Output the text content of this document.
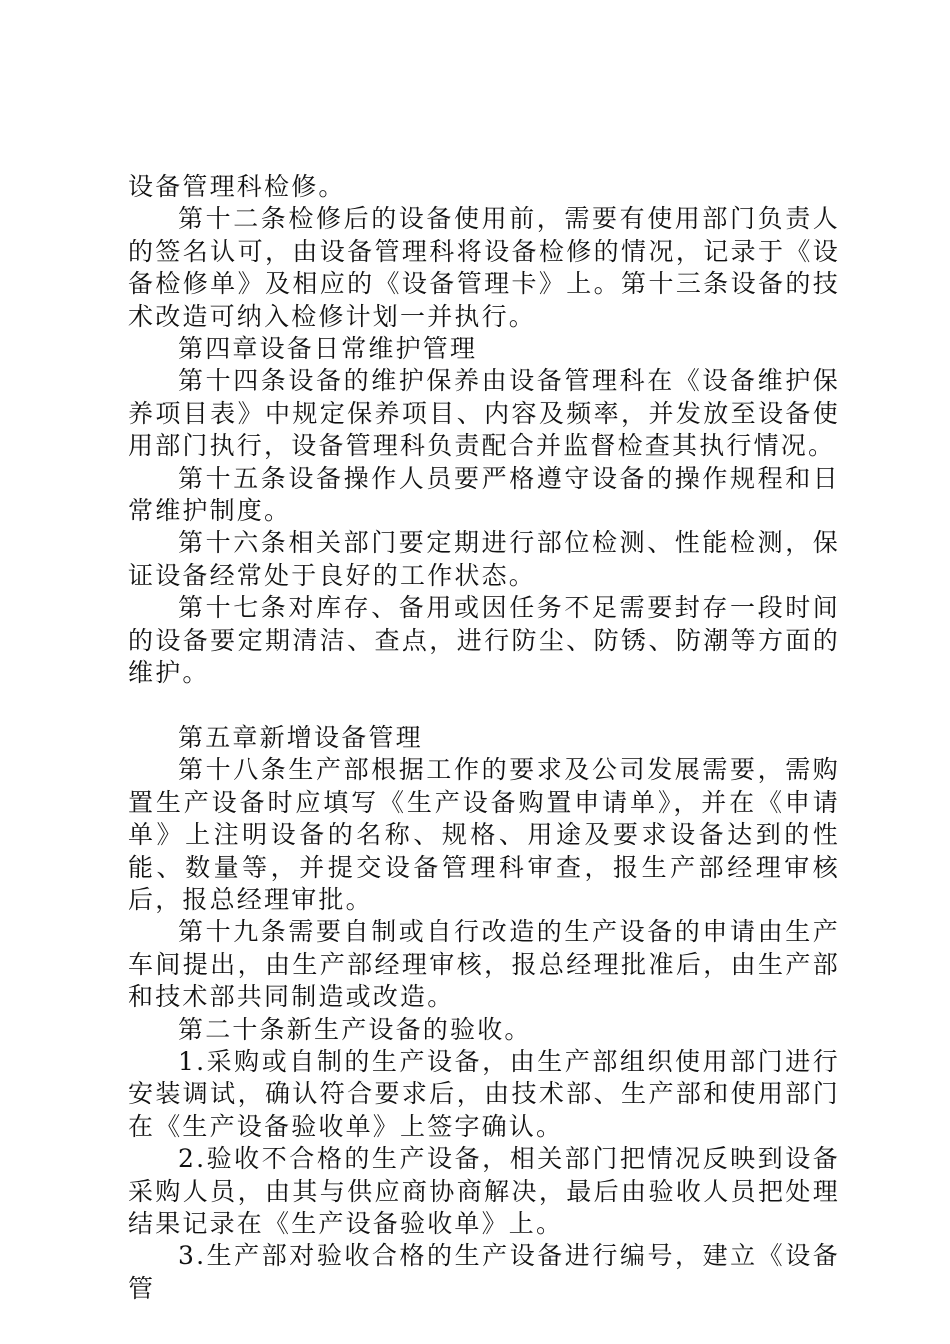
设备管理科检修。

第十二条检修后的设备使用前，需要有使用部门负责人的签名认可，由设备管理科将设备检修的情况，记录于《设备检修单》及相应的《设备管理卡》上。第十三条设备的技术改造可纳入检修计划一并执行。

第四章设备日常维护管理

第十四条设备的维护保养由设备管理科在《设备维护保养项目表》中规定保养项目、内容及频率，并发放至设备使用部门执行，设备管理科负责配合并监督检查其执行情况。

第十五条设备操作人员要严格遵守设备的操作规程和日常维护制度。

第十六条相关部门要定期进行部位检测、性能检测，保证设备经常处于良好的工作状态。

第十七条对库存、备用或因任务不足需要封存一段时间的设备要定期清洁、查点，进行防尘、防锈、防潮等方面的维护。

第五章新增设备管理

第十八条生产部根据工作的要求及公司发展需要，需购置生产设备时应填写《生产设备购置申请单》，并在《申请单》上注明设备的名称、规格、用途及要求设备达到的性能、数量等，并提交设备管理科审查，报生产部经理审核后，报总经理审批。

第十九条需要自制或自行改造的生产设备的申请由生产车间提出，由生产部经理审核，报总经理批准后，由生产部和技术部共同制造或改造。

第二十条新生产设备的验收。

1.采购或自制的生产设备，由生产部组织使用部门进行安装调试，确认符合要求后，由技术部、生产部和使用部门在《生产设备验收单》上签字确认。

2.验收不合格的生产设备，相关部门把情况反映到设备采购人员，由其与供应商协商解决，最后由验收人员把处理结果记录在《生产设备验收单》上。

3.生产部对验收合格的生产设备进行编号，建立《设备管
